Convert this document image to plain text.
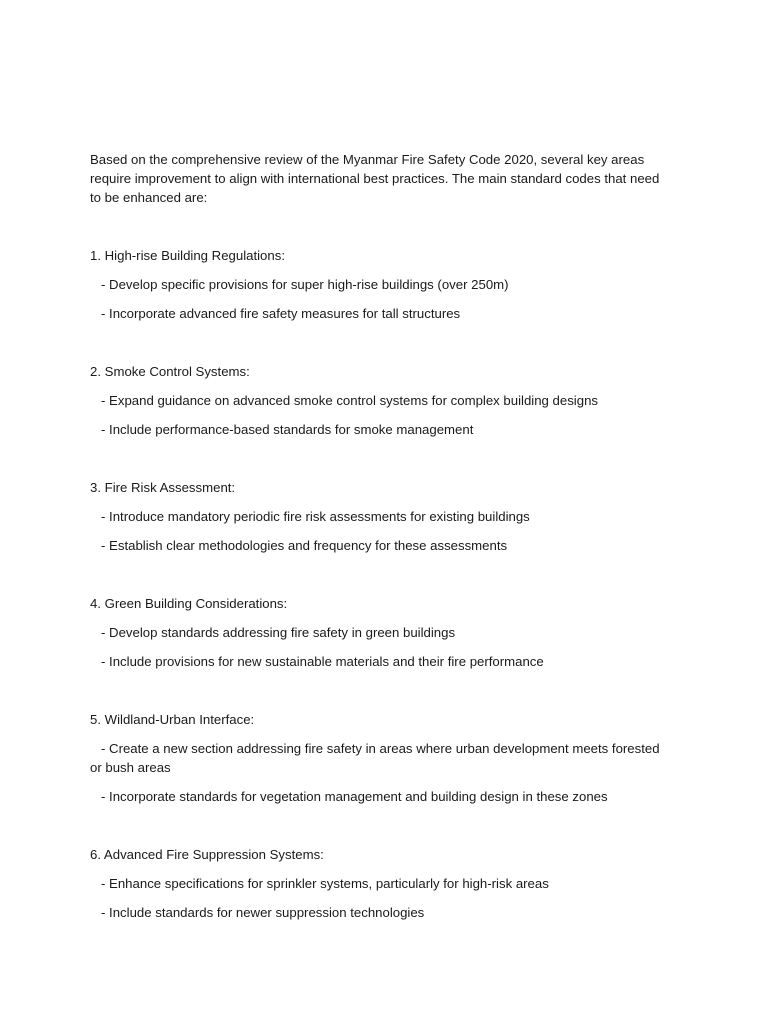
Based on the comprehensive review of the Myanmar Fire Safety Code 2020, several key areas require improvement to align with international best practices. The main standard codes that need to be enhanced are:

1. High-rise Building Regulations:

- Develop specific provisions for super high-rise buildings (over 250m)

- Incorporate advanced fire safety measures for tall structures

2. Smoke Control Systems:

- Expand guidance on advanced smoke control systems for complex building designs

- Include performance-based standards for smoke management

3. Fire Risk Assessment:

- Introduce mandatory periodic fire risk assessments for existing buildings

- Establish clear methodologies and frequency for these assessments

4. Green Building Considerations:

- Develop standards addressing fire safety in green buildings

- Include provisions for new sustainable materials and their fire performance

5. Wildland-Urban Interface:

- Create a new section addressing fire safety in areas where urban development meets forested or bush areas

- Incorporate standards for vegetation management and building design in these zones

6. Advanced Fire Suppression Systems:

- Enhance specifications for sprinkler systems, particularly for high-risk areas

- Include standards for newer suppression technologies
